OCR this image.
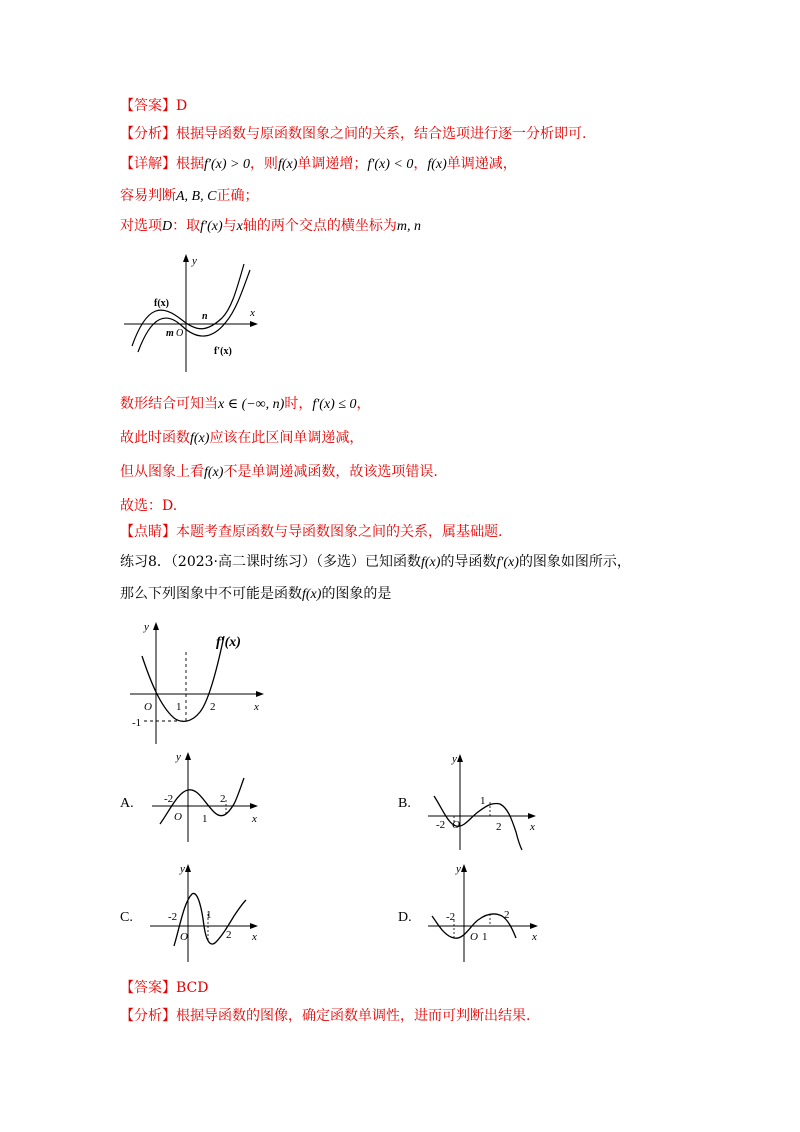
【答案】D
【分析】根据导函数与原函数图象之间的关系，结合选项进行逐一分析即可.
【详解】根据f′(x) > 0，则f(x)单调递增；f′(x) < 0，f(x)单调递减，
容易判断A, B, C正确；
对选项D：取f′(x)与x轴的两个交点的横坐标为m, n
y
x
f(x)
f′(x)
m O
n
数形结合可知当x ∈ (−∞, n)时，f′(x) ≤ 0，
故此时函数f(x)应该在此区间单调递减，
但从图象上看f(x)不是单调递减函数，故该选项错误.
故选：D.
【点睛】本题考查原函数与导函数图象之间的关系，属基础题.
练习8．（2023·高二课时练习）（多选）已知函数f(x)的导函数f′(x)的图象如图所示，
那么下列图象中不可能是函数f(x)的图象的是
y
x
f′(x)
O 1	2
-1
A.
y
x
O
-2
1
2	B.
y
x
O
-2
1
2
C.
y
x
O
-2	1
2
D.
y
x
O
-2
1
2
【答案】BCD
【分析】根据导函数的图像，确定函数单调性，进而可判断出结果.
